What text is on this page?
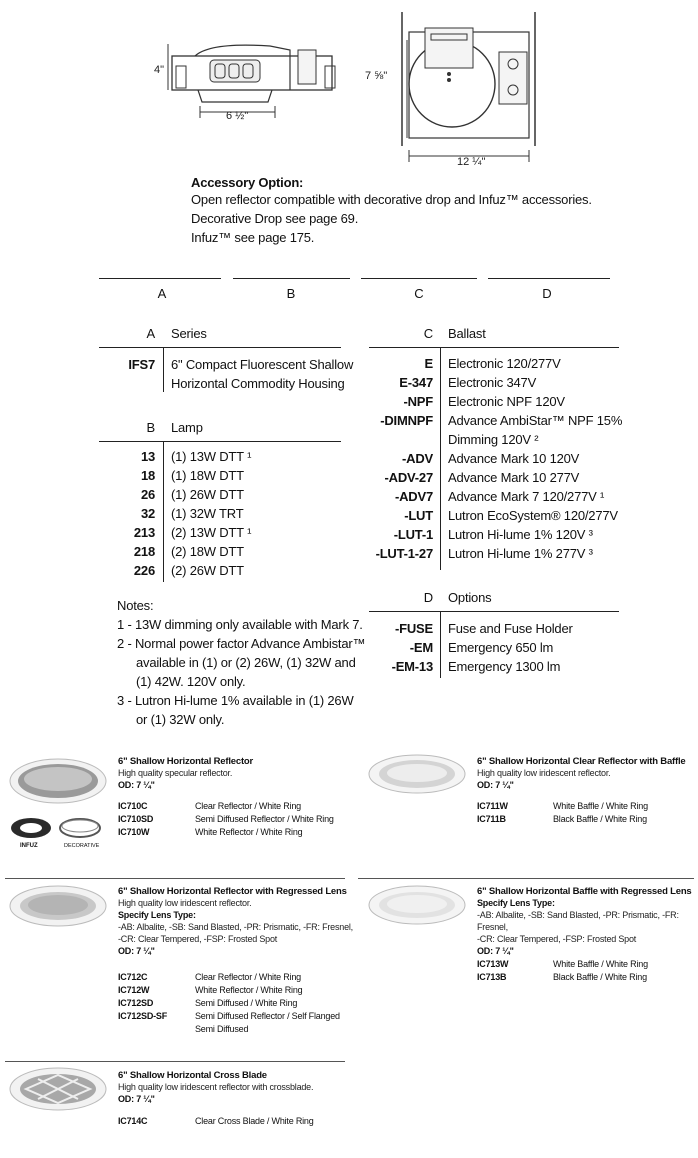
4"
6 ½"
7 ⅝"
12 ¼"
Accessory Option:
Open reflector compatible with decorative drop and Infuz™ accessories.
Decorative Drop see page 69.
Infuz™ see page 175.
A	B	C	D
A Series
IFS7 6" Compact Fluorescent Shallow
Horizontal Commodity Housing
B Lamp
13 (1) 13W DTT ¹
18 (1) 18W DTT
26 (1) 26W DTT
32 (1) 32W TRT
213 (2) 13W DTT ¹
218 (2) 18W DTT
226 (2) 26W DTT
Notes:
1 - 13W dimming only available with Mark 7.
2 - Normal power factor Advance Ambistar™
available in (1) or (2) 26W, (1) 32W and
(1) 42W. 120V only.
3 - Lutron Hi-lume 1% available in (1) 26W
or (1) 32W only.
C Ballast
E Electronic 120/277V
E-347 Electronic 347V
-NPF Electronic NPF 120V
-DIMNPF Advance AmbiStar™ NPF 15%
Dimming 120V ²
-ADV Advance Mark 10 120V
-ADV-27 Advance Mark 10 277V
-ADV7 Advance Mark 7 120/277V ¹
-LUT Lutron EcoSystem® 120/277V
-LUT-1 Lutron Hi-lume 1% 120V ³
-LUT-1-27 Lutron Hi-lume 1% 277V ³
D Options
-FUSE Fuse and Fuse Holder
-EM Emergency 650 lm
-EM-13 Emergency 1300 lm
INFUZ	DECORATIVE
6" Shallow Horizontal Reflector
High quality specular reflector.
OD: 7 ¼"
IC710C	Clear Reflector / White Ring
IC710SD	Semi Diffused Reflector / White Ring
IC710W	White Reflector / White Ring
6" Shallow Horizontal Clear Reflector with Baffle
High quality low iridescent reflector.
OD: 7 ¼"
IC711W	White Baffle / White Ring
IC711B	Black Baffle / White Ring
6" Shallow Horizontal Reflector with Regressed Lens
High quality low iridescent reflector.
Specify Lens Type:
-AB: Albalite, -SB: Sand Blasted, -PR: Prismatic, -FR: Fresnel,
-CR: Clear Tempered, -FSP: Frosted Spot
OD: 7 ¼"
IC712C	Clear Reflector / White Ring
IC712W	White Reflector / White Ring
IC712SD	Semi Diffused / White Ring
IC712SD-SF	Semi Diffused Reflector / Self Flanged
Semi Diffused
6" Shallow Horizontal Baffle with Regressed Lens
Specify Lens Type:
-AB: Albalite, -SB: Sand Blasted, -PR: Prismatic, -FR: Fresnel,
-CR: Clear Tempered, -FSP: Frosted Spot
OD: 7 ¼"
IC713W	White Baffle / White Ring
IC713B	Black Baffle / White Ring
6" Shallow Horizontal Cross Blade
High quality low iridescent reflector with crossblade.
OD: 7 ¼"
IC714C	Clear Cross Blade / White Ring
